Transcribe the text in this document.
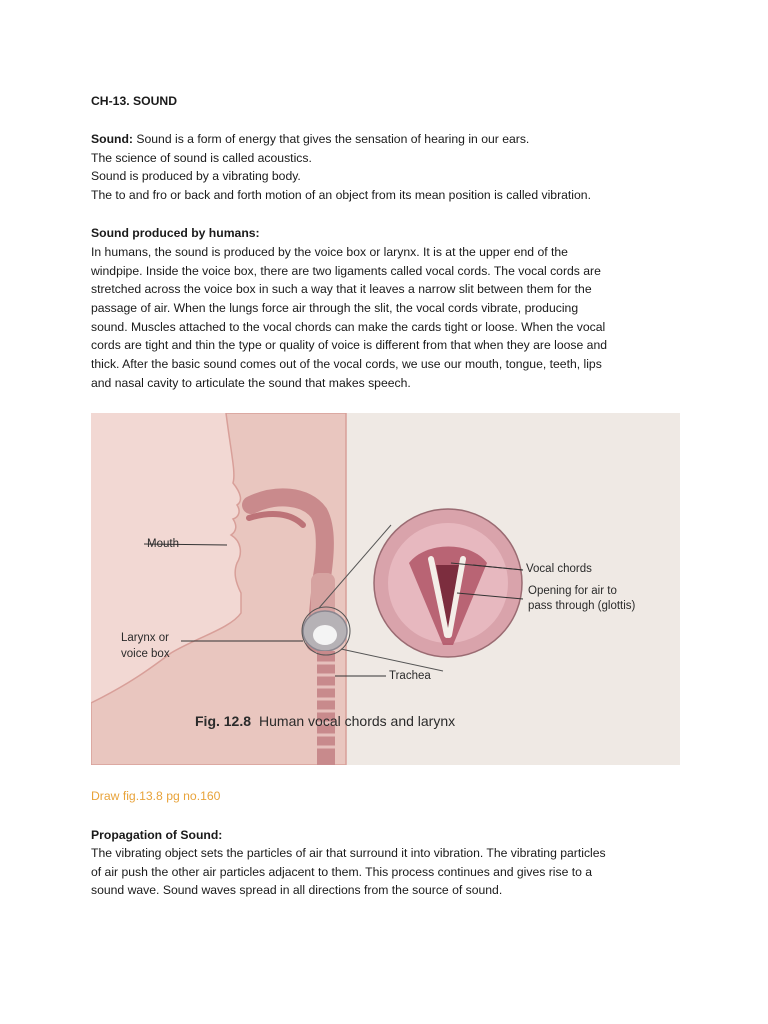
CH-13. SOUND
Sound: Sound is a form of energy that gives the sensation of hearing in our ears.
The science of sound is called acoustics.
Sound is produced by a vibrating body.
The to and fro or back and forth motion of an object from its mean position is called vibration.
Sound produced by humans:
In humans, the sound is produced by the voice box or larynx. It is at the upper end of the
windpipe. Inside the voice box, there are two ligaments called vocal cords. The vocal cords are
stretched across the voice box in such a way that it leaves a narrow slit between them for the
passage of air. When the lungs force air through the slit, the vocal cords vibrate, producing
sound. Muscles attached to the vocal chords can make the cards tight or loose. When the vocal
cords are tight and thin the type or quality of voice is different from that when they are loose and
thick. After the basic sound comes out of the vocal cords, we use our mouth, tongue, teeth, lips
and nasal cavity to articulate the sound that makes speech.
Mouth
Larynx or
voice box
Vocal chords
Opening for air to
pass through (glottis)
Trachea
Fig. 12.8 Human vocal chords and larynx
Draw fig.13.8 pg no.160
Propagation of Sound:
The vibrating object sets the particles of air that surround it into vibration. The vibrating particles
of air push the other air particles adjacent to them. This process continues and gives rise to a
sound wave. Sound waves spread in all directions from the source of sound.
